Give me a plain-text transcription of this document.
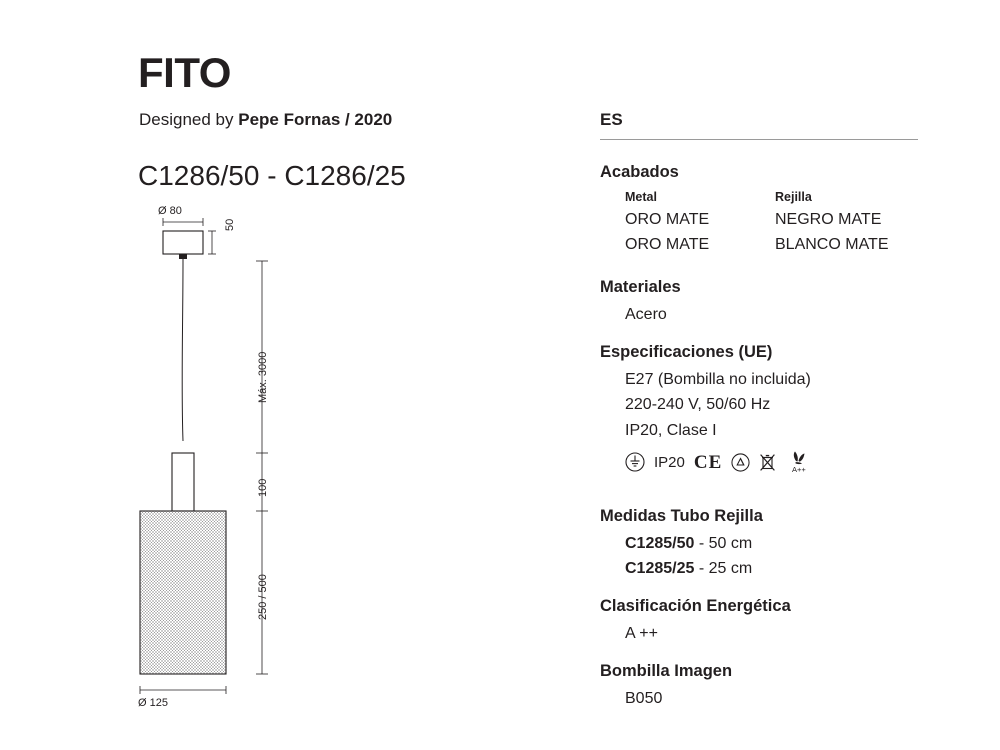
FITO
Designed by Pepe Fornas / 2020
C1286/50 - C1286/25
Ø 80
50
Máx. 3000
100
250 / 500
Ø 125
ES
Acabados
Metal
ORO MATE
ORO MATE
Rejilla
NEGRO MATE
BLANCO MATE
Materiales
Acero
Especificaciones (UE)
E27 (Bombilla no incluida)
220-240 V, 50/60 Hz
IP20, Clase I
IP20 CE	A++
Medidas Tubo Rejilla
C1285/50 - 50 cm
C1285/25 - 25 cm
Clasificación Energética
A ++
Bombilla Imagen
B050
